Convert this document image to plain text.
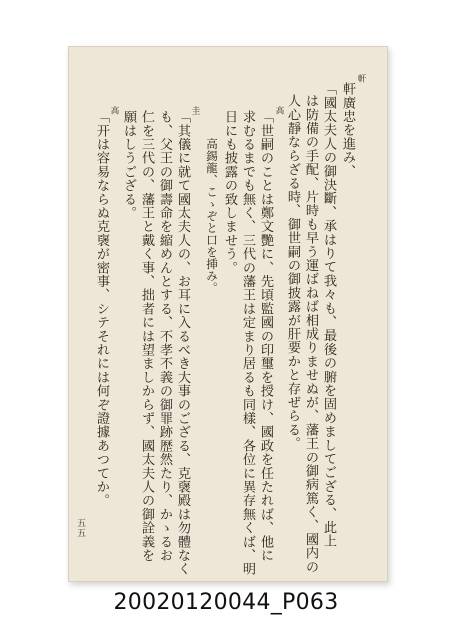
軒
軒廣忠を進み、
「國太夫人の御決斷、承はりて我々も、最後の腑を固めましてござる、此上
は防備の手配、片時も早う運ばねば相成りませぬが、藩王の御病篤く、國内の
人心靜ならざる時、御世嗣の御披露が肝要かと存ぜらる。
高
「世嗣のことは鄭文艷に、先頃監國の印璽を授け、國政を任たれば、他に
求むるまでも無く、三代の藩王は定まり居るも同樣、各位に異存無くば、明
日にも披露の致しませう。
高錫龍、こゝぞと口を挿み。
圭
「其儀に就て國太夫人の、お耳に入るべき大事のござる、克襃殿は勿體なく
も、父王の御壽命を縮めんとする、不孝不義の御罪跡歴然たり、かゝるお
仁を三代の、藩王と戴く事、拙者には望ましからず、國太夫人の御詮義を
願はしうござる。
高
「开は容易ならぬ克襃が密事、シテそれには何ぞ證據あつてか。
五五
20020120044_P063
